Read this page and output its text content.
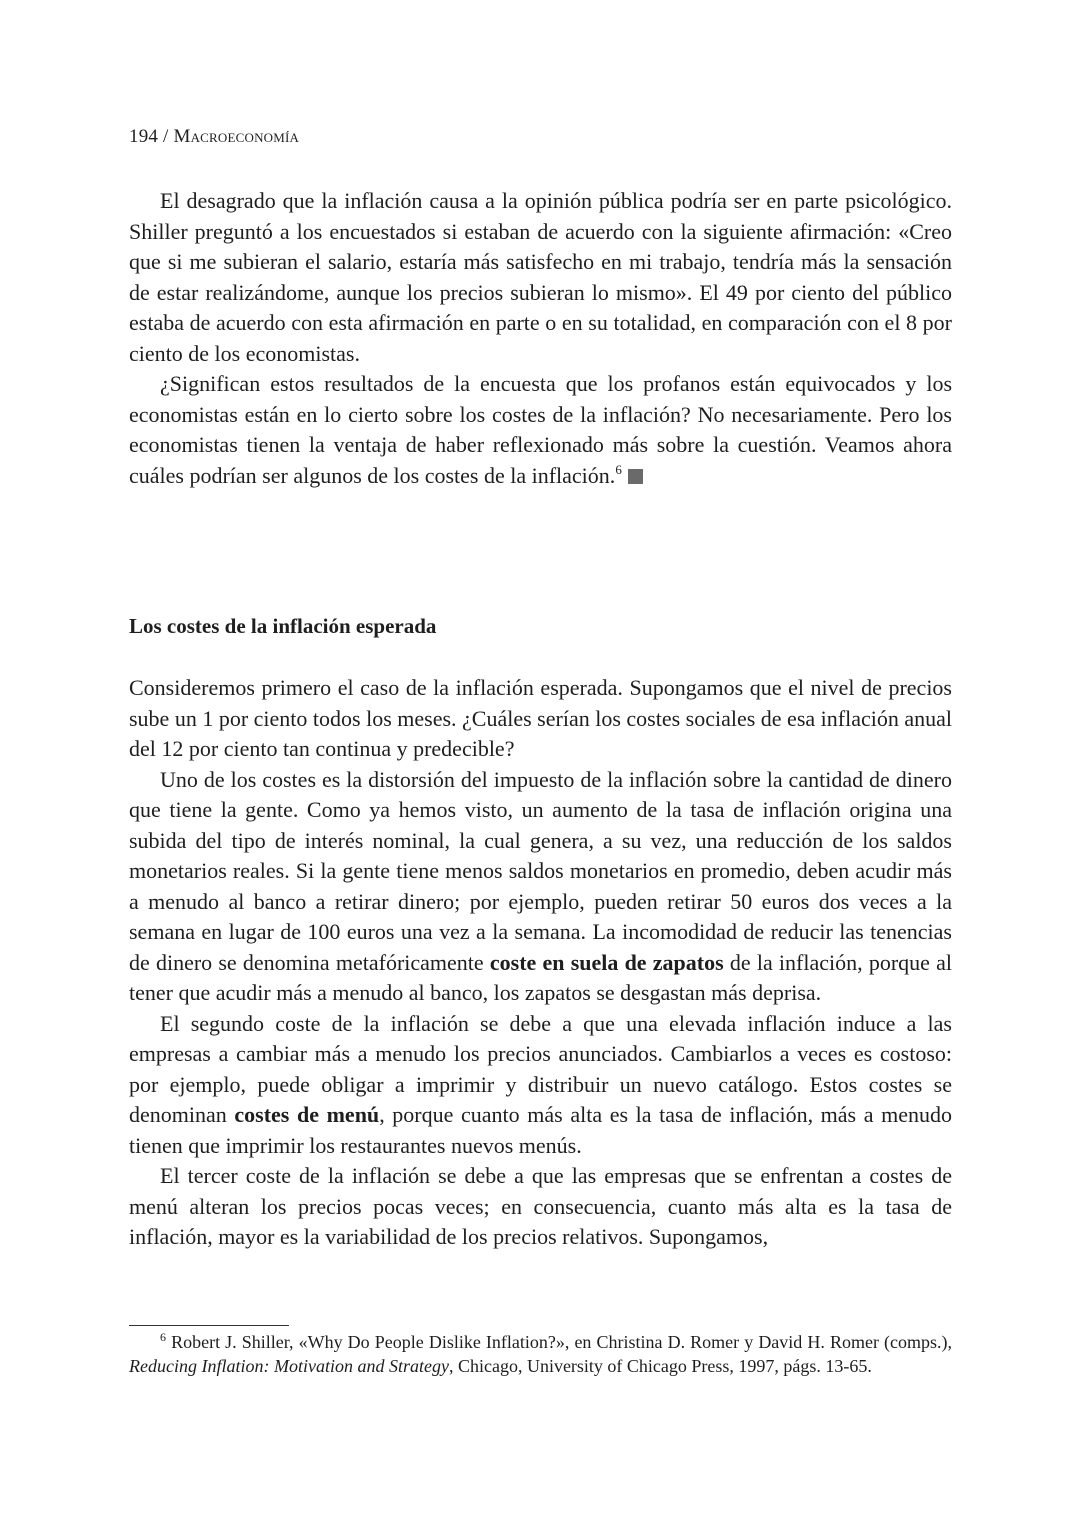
194 / Macroeconomía

El desagrado que la inflación causa a la opinión pública podría ser en parte psicológico. Shiller preguntó a los encuestados si estaban de acuerdo con la siguiente afirmación: «Creo que si me subieran el salario, estaría más satisfecho en mi trabajo, tendría más la sensación de estar realizándome, aunque los precios subieran lo mismo». El 49 por ciento del público estaba de acuerdo con esta afirmación en parte o en su totalidad, en comparación con el 8 por ciento de los economistas.

¿Significan estos resultados de la encuesta que los profanos están equivocados y los economistas están en lo cierto sobre los costes de la inflación? No necesariamente. Pero los economistas tienen la ventaja de haber reflexionado más sobre la cuestión. Veamos ahora cuáles podrían ser algunos de los costes de la inflación.$^6$

Los costes de la inflación esperada

Consideremos primero el caso de la inflación esperada. Supongamos que el nivel de precios sube un 1 por ciento todos los meses. ¿Cuáles serían los costes sociales de esa inflación anual del 12 por ciento tan continua y predecible?

Uno de los costes es la distorsión del impuesto de la inflación sobre la cantidad de dinero que tiene la gente. Como ya hemos visto, un aumento de la tasa de inflación origina una subida del tipo de interés nominal, la cual genera, a su vez, una reducción de los saldos monetarios reales. Si la gente tiene menos saldos monetarios en promedio, deben acudir más a menudo al banco a retirar dinero; por ejemplo, pueden retirar 50 euros dos veces a la semana en lugar de 100 euros una vez a la semana. La incomodidad de reducir las tenencias de dinero se denomina metafóricamente coste en suela de zapatos de la inflación, porque al tener que acudir más a menudo al banco, los zapatos se desgastan más deprisa.

El segundo coste de la inflación se debe a que una elevada inflación induce a las empresas a cambiar más a menudo los precios anunciados. Cambiarlos a veces es costoso: por ejemplo, puede obligar a imprimir y distribuir un nuevo catálogo. Estos costes se denominan costes de menú, porque cuanto más alta es la tasa de inflación, más a menudo tienen que imprimir los restaurantes nuevos menús.

El tercer coste de la inflación se debe a que las empresas que se enfrentan a costes de menú alteran los precios pocas veces; en consecuencia, cuanto más alta es la tasa de inflación, mayor es la variabilidad de los precios relativos. Supongamos,

$^6$ Robert J. Shiller, «Why Do People Dislike Inflation?», en Christina D. Romer y David H. Romer (comps.), Reducing Inflation: Motivation and Strategy, Chicago, University of Chicago Press, 1997, págs. 13-65.
